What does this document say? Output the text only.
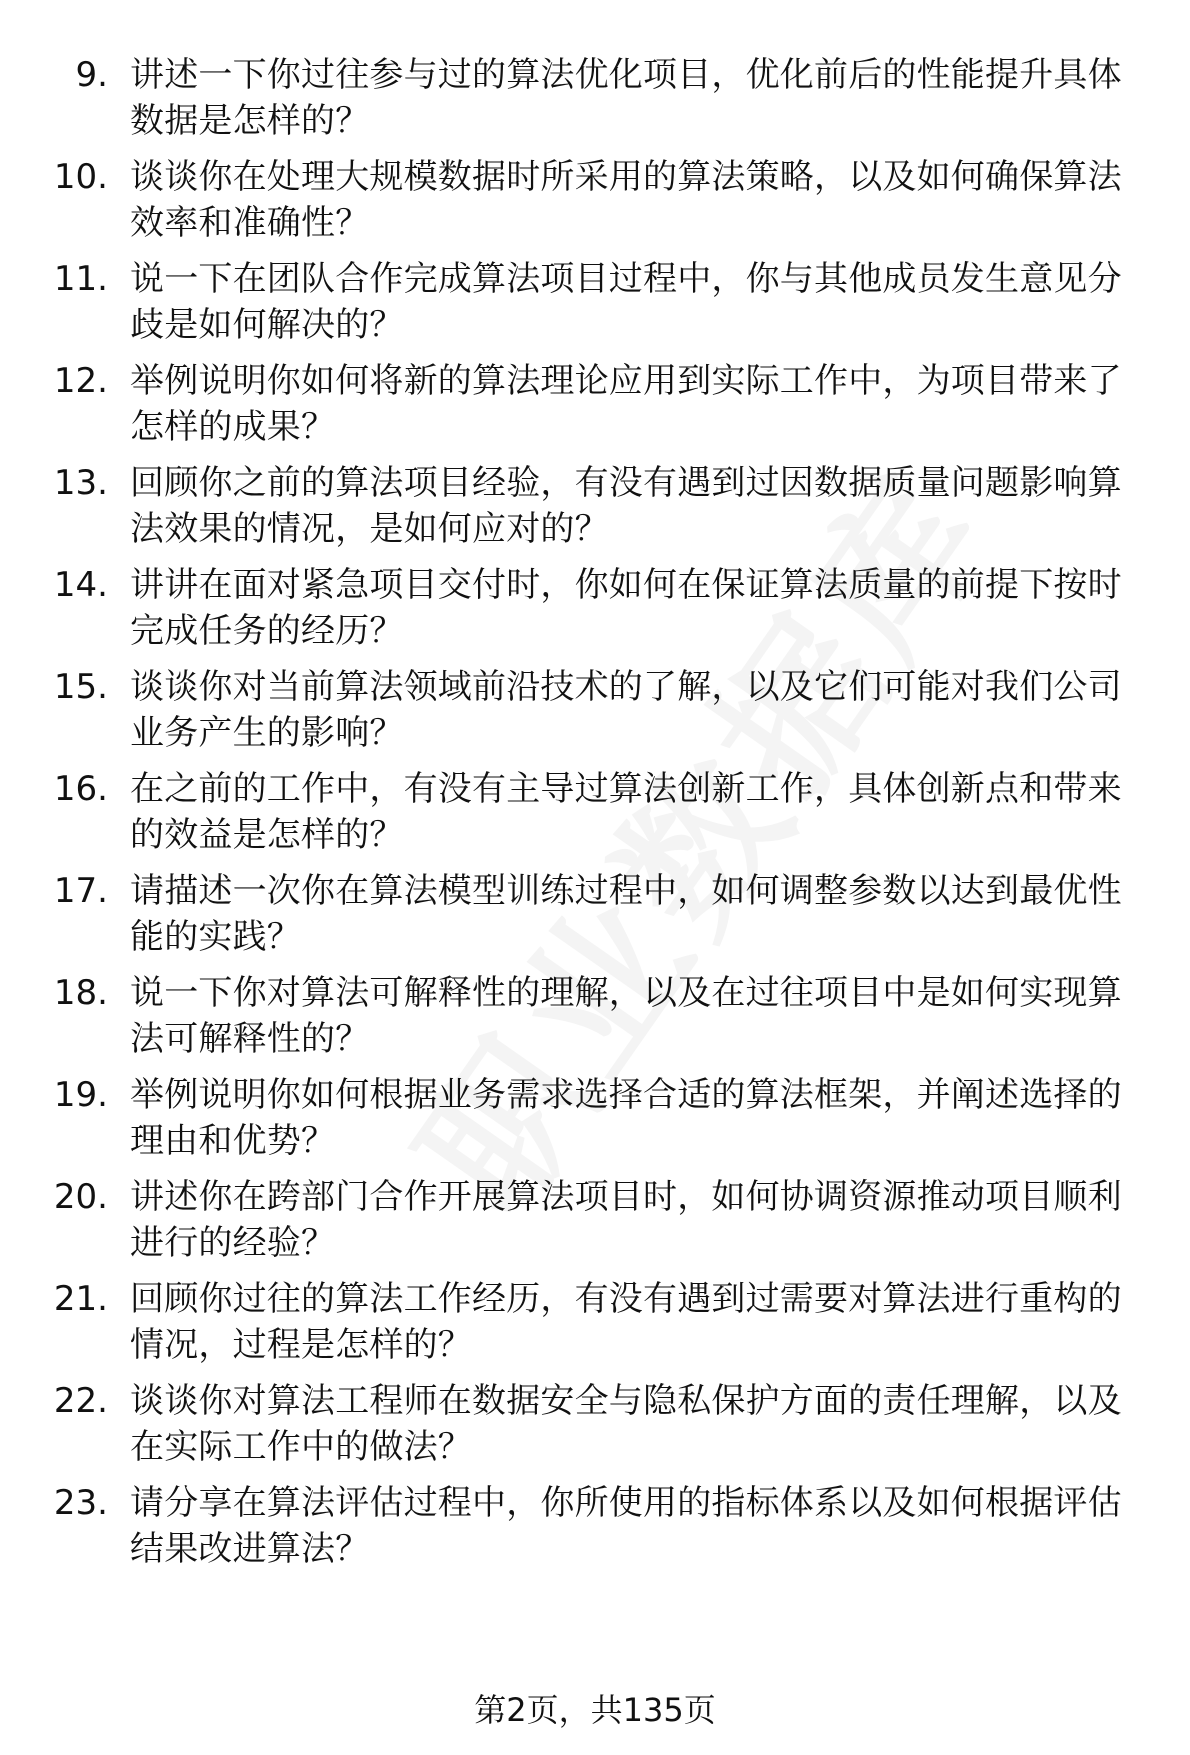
9. 讲述一下你过往参与过的算法优化项目，优化前后的性能提升具体数据是怎样的？
10. 谈谈你在处理大规模数据时所采用的算法策略，以及如何确保算法效率和准确性？
11. 说一下在团队合作完成算法项目过程中，你与其他成员发生意见分歧是如何解决的？
12. 举例说明你如何将新的算法理论应用到实际工作中，为项目带来了怎样的成果？
13. 回顾你之前的算法项目经验，有没有遇到过因数据质量问题影响算法效果的情况，是如何应对的？
14. 讲讲在面对紧急项目交付时，你如何在保证算法质量的前提下按时完成任务的经历？
15. 谈谈你对当前算法领域前沿技术的了解，以及它们可能对我们公司业务产生的影响？
16. 在之前的工作中，有没有主导过算法创新工作，具体创新点和带来的效益是怎样的？
17. 请描述一次你在算法模型训练过程中，如何调整参数以达到最优性能的实践？
18. 说一下你对算法可解释性的理解，以及在过往项目中是如何实现算法可解释性的？
19. 举例说明你如何根据业务需求选择合适的算法框架，并阐述选择的理由和优势？
20. 讲述你在跨部门合作开展算法项目时，如何协调资源推动项目顺利进行的经验？
21. 回顾你过往的算法工作经历，有没有遇到过需要对算法进行重构的情况，过程是怎样的？
22. 谈谈你对算法工程师在数据安全与隐私保护方面的责任理解，以及在实际工作中的做法？
23. 请分享在算法评估过程中，你所使用的指标体系以及如何根据评估结果改进算法？
第2页，共135页
